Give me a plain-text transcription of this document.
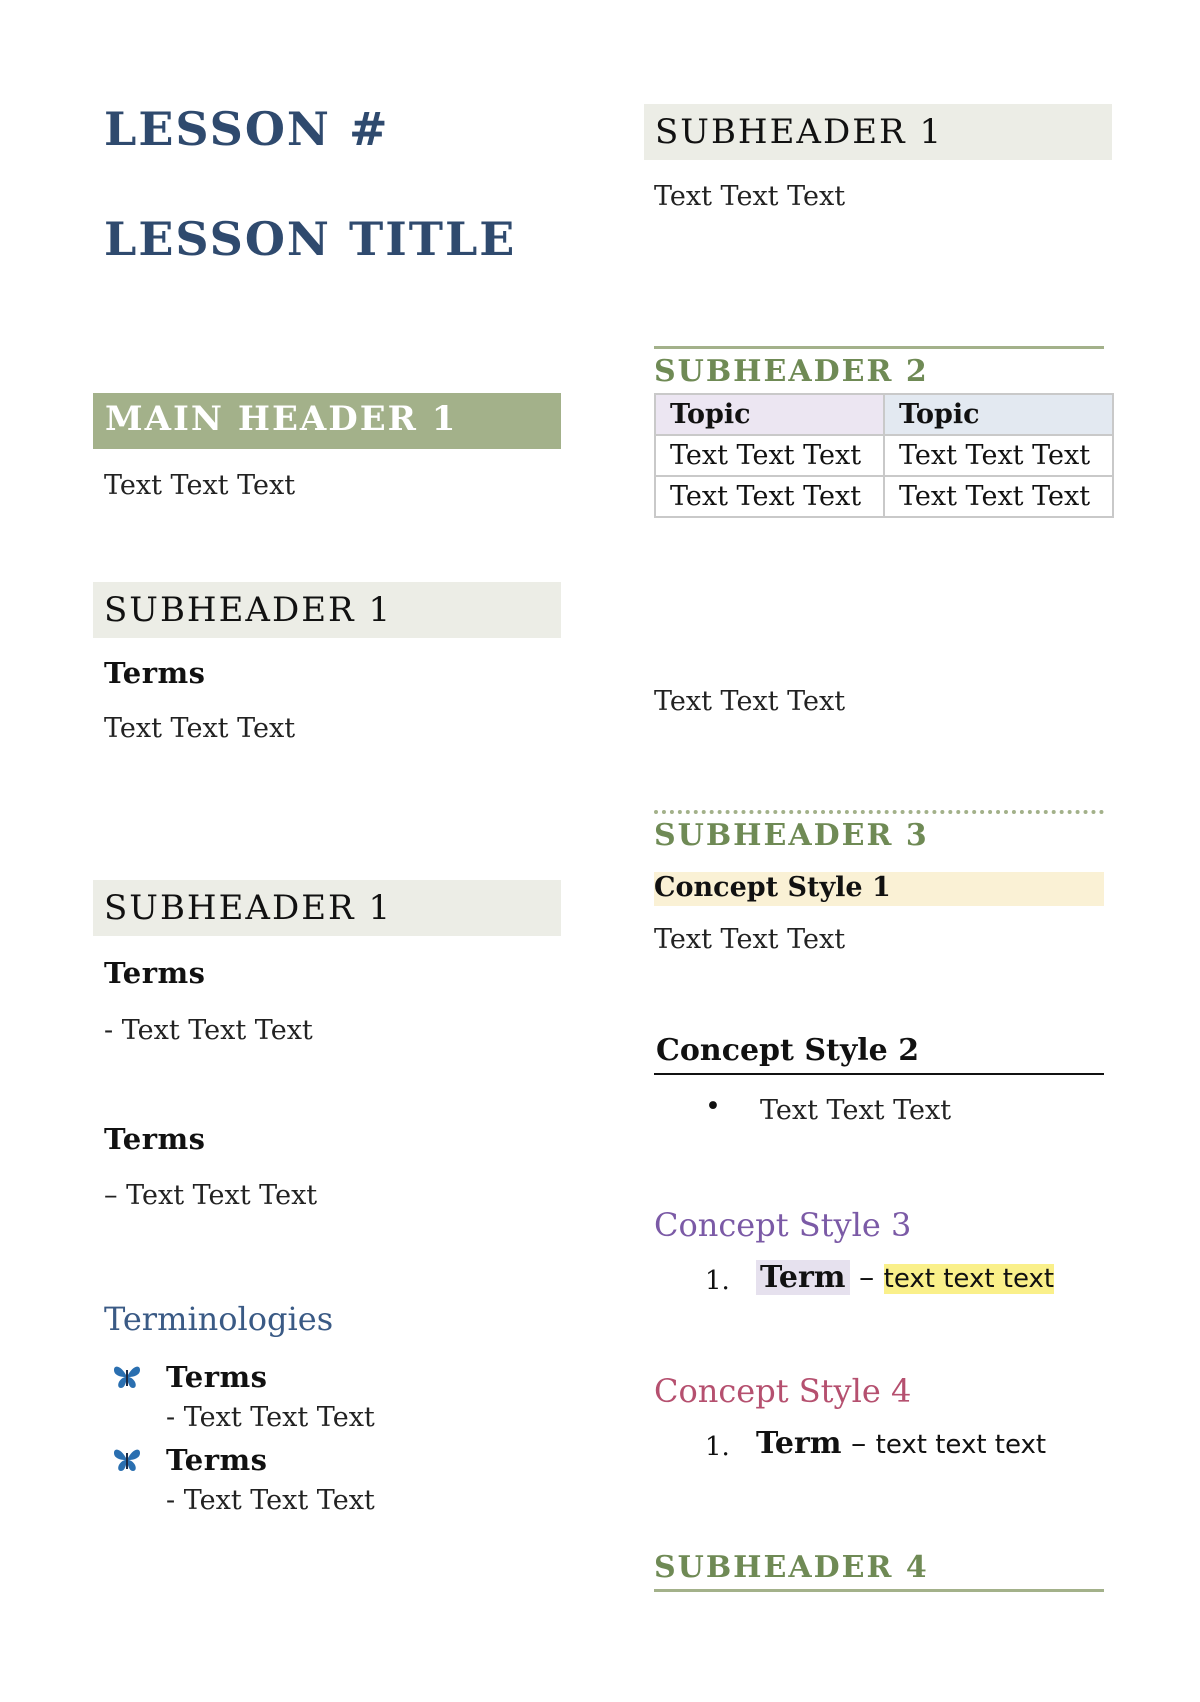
LESSON #
LESSON TITLE
MAIN HEADER 1
Text Text Text
SUBHEADER 1
Terms
Text Text Text
SUBHEADER 1
Terms
- Text Text Text
Terms
– Text Text Text
Terminologies
Terms
- Text Text Text
Terms
- Text Text Text
SUBHEADER 1
Text Text Text
SUBHEADER 2
Topic	Topic
Text Text Text	Text Text Text
Text Text Text	Text Text Text
Text Text Text
SUBHEADER 3
Concept Style 1
Text Text Text
Concept Style 2
• Text Text Text
Concept Style 3
1. Term – text text text
Concept Style 4
1. Term – text text text
SUBHEADER 4
